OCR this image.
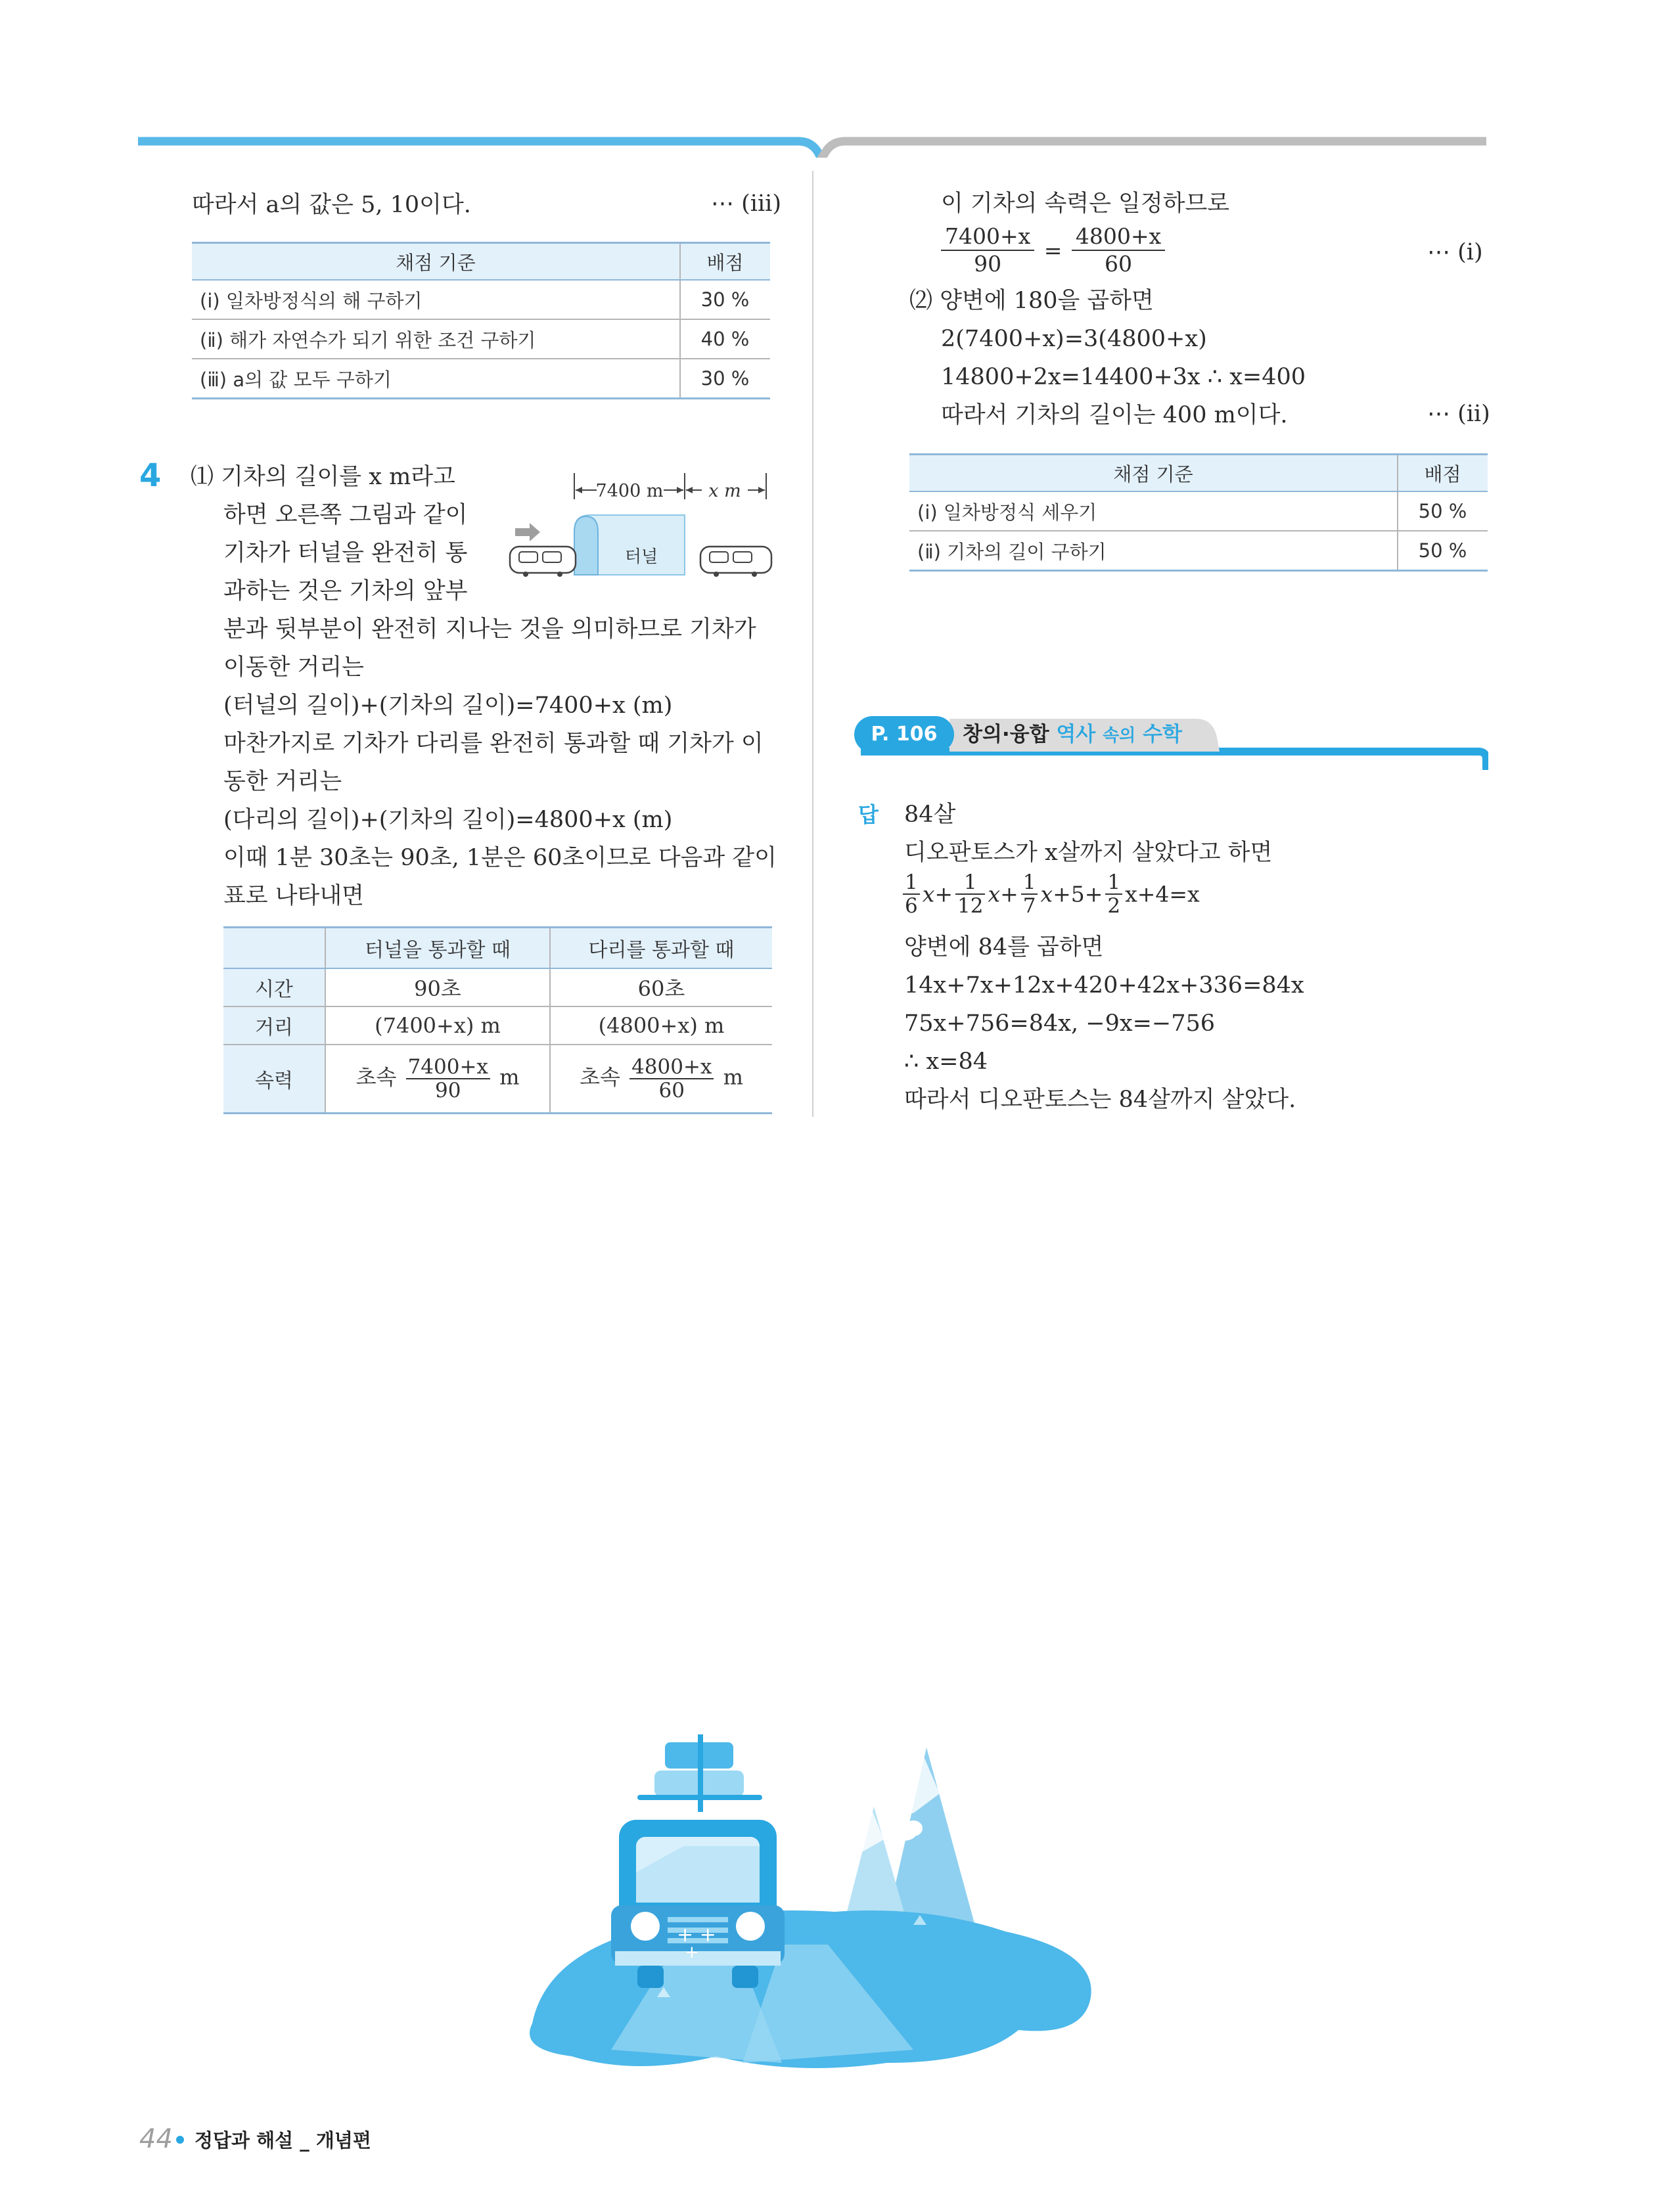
따라서 a의 값은 5, 10이다.	⋯ (iii)
채점 기준	배점
(ⅰ) 일차방정식의 해 구하기	30 %
(ⅱ) 해가 자연수가 되기 위한 조건 구하기	40 %
(ⅲ) a의 값 모두 구하기	30 %
4 ⑴ 기차의 길이를 x m라고
하면 오른쪽 그림과 같이
기차가 터널을 완전히 통
과하는 것은 기차의 앞부
분과 뒷부분이 완전히 지나는 것을 의미하므로 기차가
이동한 거리는
(터널의 길이)+(기차의 길이)=7400+x (m)
마찬가지로 기차가 다리를 완전히 통과할 때 기차가 이
동한 거리는
(다리의 길이)+(기차의 길이)=4800+x (m)
이때 1분 30초는 90초, 1분은 60초이므로 다음과 같이
표로 나타내면
7400 m	x m
터널
	터널을 통과할 때	다리를 통과할 때
시간	90초	60초
거리	(7400+x) m	(4800+x) m
속력	초속 $\frac{7400+x}{90}$ m	초속 $\frac{4800+x}{60}$ m
이 기차의 속력은 일정하므로
$\frac{7400+x}{90} = \frac{4800+x}{60}$	⋯ (ⅰ)
⑵ 양변에 180을 곱하면
2(7400+x)=3(4800+x)
14800+2x=14400+3x ∴ x=400
따라서 기차의 길이는 400 m이다.	⋯ (ⅱ)
채점 기준	배점
(ⅰ) 일차방정식 세우기	50 %
(ⅱ) 기차의 길이 구하기	50 %
P. 106	창의·융합 역사 속의 수학
답 84살
디오판토스가 x살까지 살았다고 하면
$\frac{1}{6} x+ \frac{1}{12} x+ \frac{1}{7} x+5+ \frac{1}{2} x+4=x$
양변에 84를 곱하면
14x+7x+12x+420+42x+336=84x
75x+756=84x, −9x=−756
∴ x=84
따라서 디오판토스는 84살까지 살았다.
+ +
+
44 정답과 해설 _ 개념편
